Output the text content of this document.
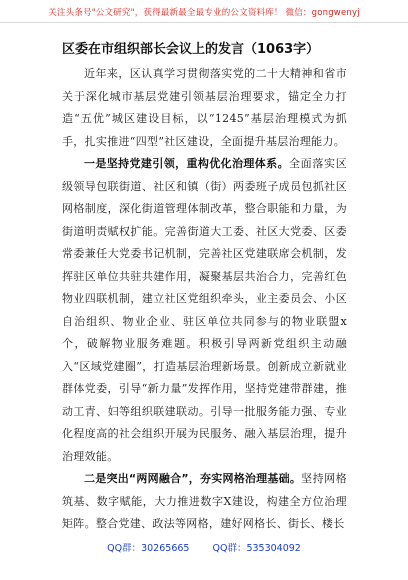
关注头条号"公文研究"，获得最新最全最专业的公文资料库！ 微信：gongwenyj
区委在市组织部长会议上的发言（1063字）

近年来，区认真学习贯彻落实党的二十大精神和省市关于深化城市基层党建引领基层治理要求，锚定全力打造“五优”城区建设目标，以“1245”基层治理模式为抓手，扎实推进“四型”社区建设，全面提升基层治理能力。

一是坚持党建引领，重构优化治理体系。全面落实区级领导包联街道、社区和镇（街）两委班子成员包抓社区网格制度，深化街道管理体制改革，整合职能和力量，为街道明责赋权扩能。完善街道大工委、社区大党委、区委常委兼任大党委书记机制，完善社区党建联席会机制，发挥驻区单位共驻共建作用，凝聚基层共治合力，完善红色物业四联机制，建立社区党组织牵头，业主委员会、小区自治组织、物业企业、驻区单位共同参与的物业联盟x个，破解物业服务难题。积极引导两新党组织主动融入“区域党建圈”，打造基层治理新场景。创新成立新就业群体党委，引导“新力量”发挥作用，坚持党建带群建，推动工青、妇等组织联建联动。引导一批服务能力强、专业化程度高的社会组织开展为民服务、融入基层治理，提升治理效能。

二是突出“两网融合”，夯实网格治理基础。坚持网格筑基、数字赋能，大力推进数字X建设，构建全方位治理矩阵。整合党建、政法等网格，建好网格长、街长、楼长

QQ群：30265665 QQ群：535304092
